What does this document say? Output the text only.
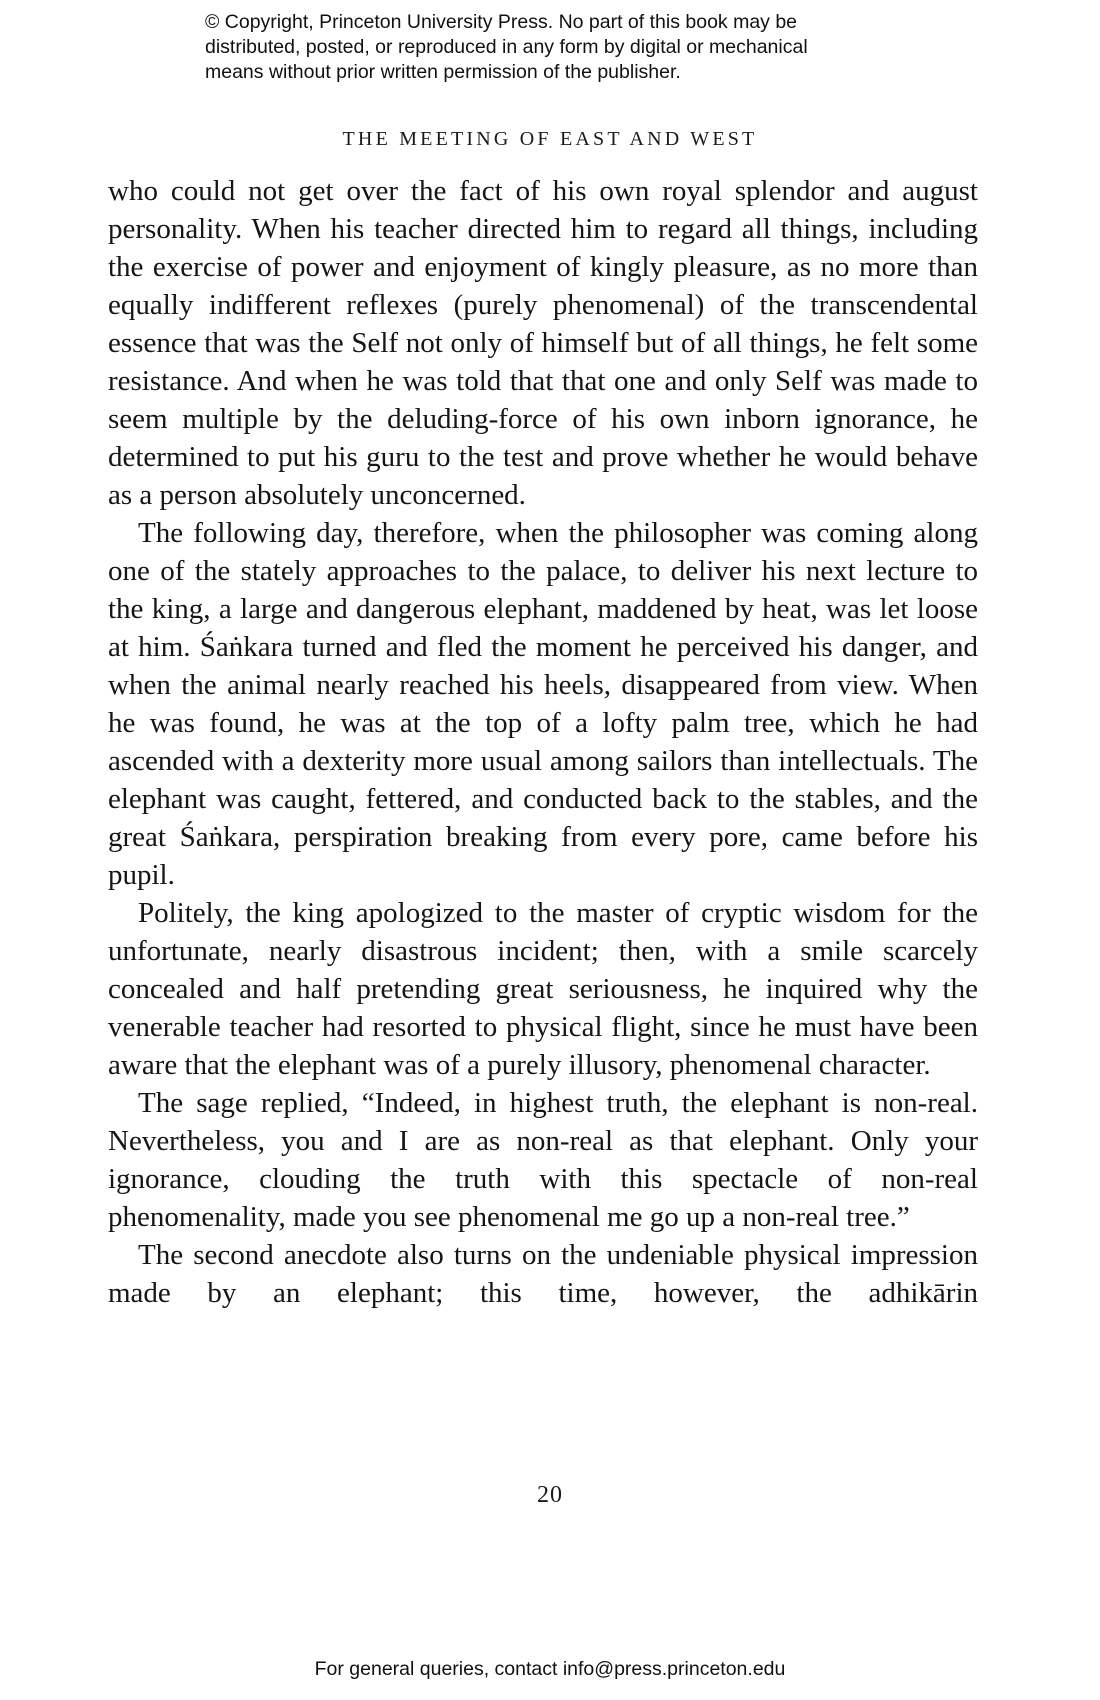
© Copyright, Princeton University Press. No part of this book may be
distributed, posted, or reproduced in any form by digital or mechanical
means without prior written permission of the publisher.
THE MEETING OF EAST AND WEST

who could not get over the fact of his own royal splendor and august personality. When his teacher directed him to regard all things, including the exercise of power and enjoyment of kingly pleasure, as no more than equally indifferent reflexes (purely phenomenal) of the transcendental essence that was the Self not only of himself but of all things, he felt some resistance. And when he was told that that one and only Self was made to seem multiple by the deluding-force of his own inborn ignorance, he determined to put his guru to the test and prove whether he would behave as a person absolutely unconcerned.

The following day, therefore, when the philosopher was coming along one of the stately approaches to the palace, to deliver his next lecture to the king, a large and dangerous elephant, maddened by heat, was let loose at him. Śaṅkara turned and fled the moment he perceived his danger, and when the animal nearly reached his heels, disappeared from view. When he was found, he was at the top of a lofty palm tree, which he had ascended with a dexterity more usual among sailors than intellectuals. The elephant was caught, fettered, and conducted back to the stables, and the great Śaṅkara, perspiration breaking from every pore, came before his pupil.

Politely, the king apologized to the master of cryptic wisdom for the unfortunate, nearly disastrous incident; then, with a smile scarcely concealed and half pretending great seriousness, he inquired why the venerable teacher had resorted to physical flight, since he must have been aware that the elephant was of a purely illusory, phenomenal character.

The sage replied, “Indeed, in highest truth, the elephant is non-real. Nevertheless, you and I are as non-real as that elephant. Only your ignorance, clouding the truth with this spectacle of non-real phenomenality, made you see phenomenal me go up a non-real tree.”

The second anecdote also turns on the undeniable physical impression made by an elephant; this time, however, the adhikārin

20
For general queries, contact info@press.princeton.edu
